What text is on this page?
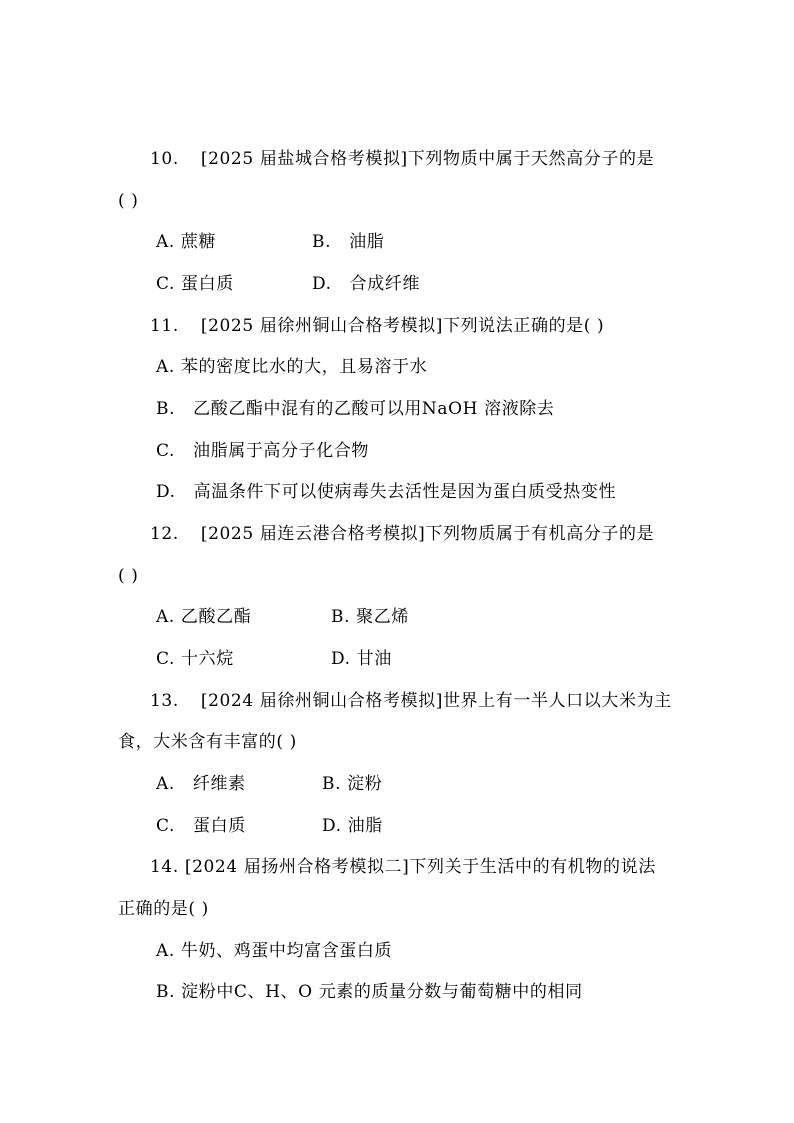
10. [2025 届盐城合格考模拟]下列物质中属于天然高分子的是
( )
A. 蔗糖	B. 油脂
C. 蛋白质	D. 合成纤维
11. [2025 届徐州铜山合格考模拟]下列说法正确的是( )
A. 苯的密度比水的大，且易溶于水
B. 乙酸乙酯中混有的乙酸可以用NaOH 溶液除去
C. 油脂属于高分子化合物
D. 高温条件下可以使病毒失去活性是因为蛋白质受热变性
12. [2025 届连云港合格考模拟]下列物质属于有机高分子的是
( )
A. 乙酸乙酯	B. 聚乙烯
C. 十六烷	D. 甘油
13. [2024 届徐州铜山合格考模拟]世界上有一半人口以大米为主
食，大米含有丰富的( )
A. 纤维素	B. 淀粉
C. 蛋白质	D. 油脂
14. [2024 届扬州合格考模拟二]下列关于生活中的有机物的说法
正确的是( )
A. 牛奶、鸡蛋中均富含蛋白质
B. 淀粉中C、H、O 元素的质量分数与葡萄糖中的相同
